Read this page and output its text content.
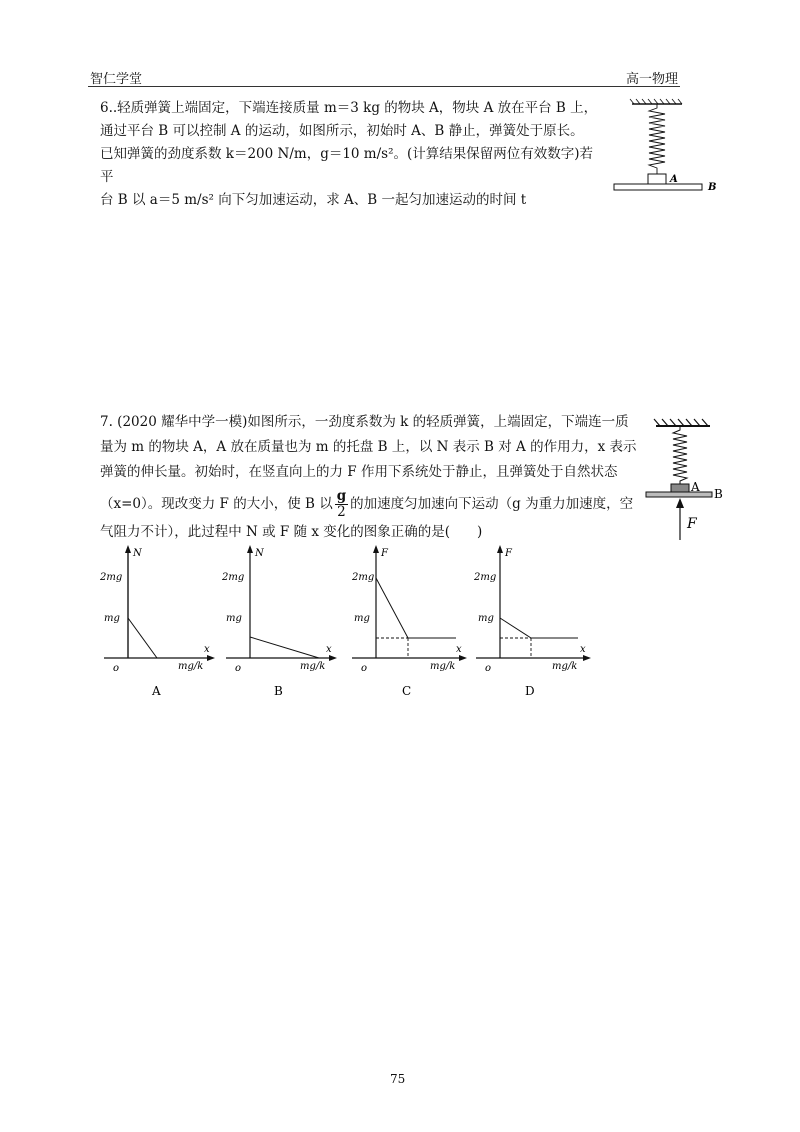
智仁学堂	高一物理
6..轻质弹簧上端固定，下端连接质量 m＝3 kg 的物块 A，物块 A 放在平台 B 上，
通过平台 B 可以控制 A 的运动，如图所示，初始时 A、B 静止，弹簧处于原长。
已知弹簧的劲度系数 k＝200 N/m，g＝10 m/s²。(计算结果保留两位有效数字)若平
台 B 以 a＝5 m/s² 向下匀加速运动，求 A、B 一起匀加速运动的时间 t
A
B
7. (2020 耀华中学一模)如图所示，一劲度系数为 k 的轻质弹簧，上端固定，下端连一质
量为 m 的物块 A，A 放在质量也为 m 的托盘 B 上，以 N 表示 B 对 A 的作用力，x 表示
弹簧的伸长量。初始时，在竖直向上的力 F 作用下系统处于静止，且弹簧处于自然状态
（x=0）。现改变力 F 的大小，使 B 以 $\frac{g}{2}$ 的加速度匀加速向下运动（g 为重力加速度，空
气阻力不计），此过程中 N 或 F 随 x 变化的图象正确的是(　　)
A B
F
N
x
2mg
mg
o	mg/k
A
N
x
2mg
mg
o	mg/k
B
F
x
2mg
mg
o	mg/k
C
F
x
2mg
mg
o	mg/k
D
75
